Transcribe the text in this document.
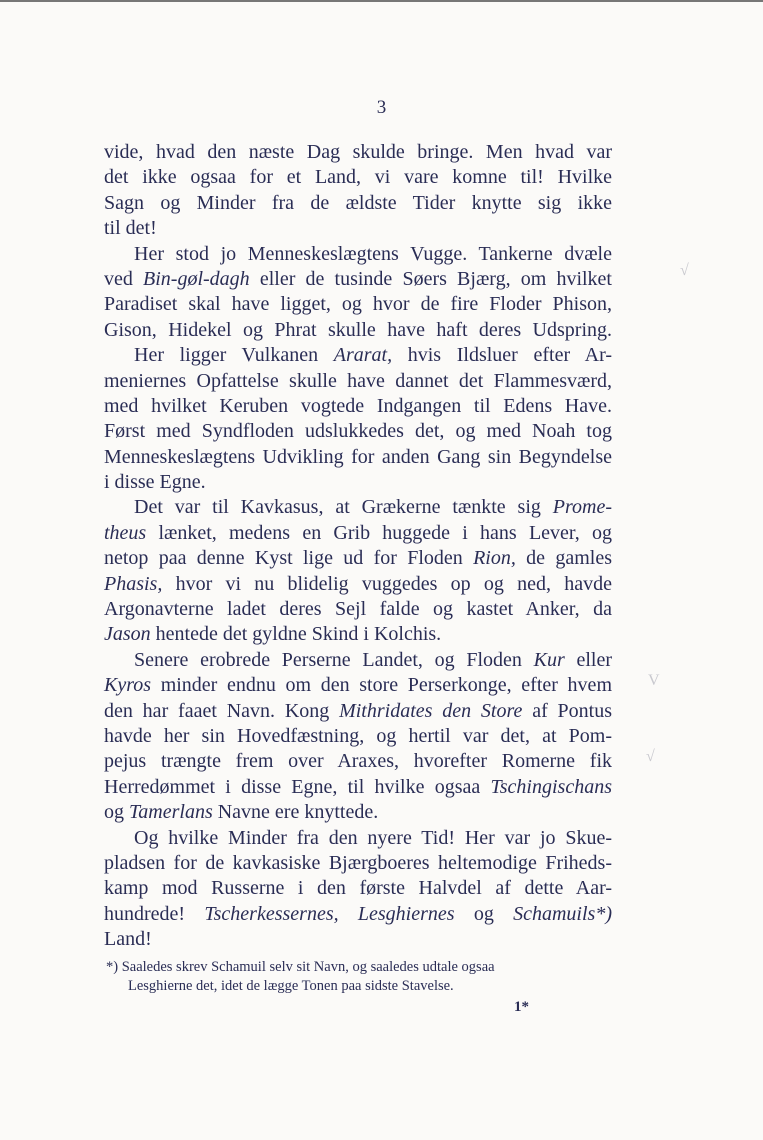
3
vide, hvad den næste Dag skulde bringe. Men hvad var
det ikke ogsaa for et Land, vi vare komne til! Hvilke
Sagn og Minder fra de ældste Tider knytte sig ikke
til det!
Her stod jo Menneskeslægtens Vugge. Tankerne dvæle
ved Bin-gøl-dagh eller de tusinde Søers Bjærg, om hvilket
Paradiset skal have ligget, og hvor de fire Floder Phison,
Gison, Hidekel og Phrat skulle have haft deres Udspring.
Her ligger Vulkanen Ararat, hvis Ildsluer efter Ar-
meniernes Opfattelse skulle have dannet det Flammesværd,
med hvilket Keruben vogtede Indgangen til Edens Have.
Først med Syndfloden udslukkedes det, og med Noah tog
Menneskeslægtens Udvikling for anden Gang sin Begyndelse
i disse Egne.
Det var til Kavkasus, at Grækerne tænkte sig Prome-
theus lænket, medens en Grib huggede i hans Lever, og
netop paa denne Kyst lige ud for Floden Rion, de gamles
Phasis, hvor vi nu blidelig vuggedes op og ned, havde
Argonavterne ladet deres Sejl falde og kastet Anker, da
Jason hentede det gyldne Skind i Kolchis.
Senere erobrede Perserne Landet, og Floden Kur eller
Kyros minder endnu om den store Perserkonge, efter hvem
den har faaet Navn. Kong Mithridates den Store af Pontus
havde her sin Hovedfæstning, og hertil var det, at Pom-
pejus trængte frem over Araxes, hvorefter Romerne fik
Herredømmet i disse Egne, til hvilke ogsaa Tschingischans
og Tamerlans Navne ere knyttede.
Og hvilke Minder fra den nyere Tid! Her var jo Skue-
pladsen for de kavkasiske Bjærgboeres heltemodige Friheds-
kamp mod Russerne i den første Halvdel af dette Aar-
hundrede! Tscherkessernes, Lesghiernes og Schamuils*)
Land!
*) Saaledes skrev Schamuil selv sit Navn, og saaledes udtale ogsaa
Lesghierne det, idet de lægge Tonen paa sidste Stavelse.
1*
√
V
√
